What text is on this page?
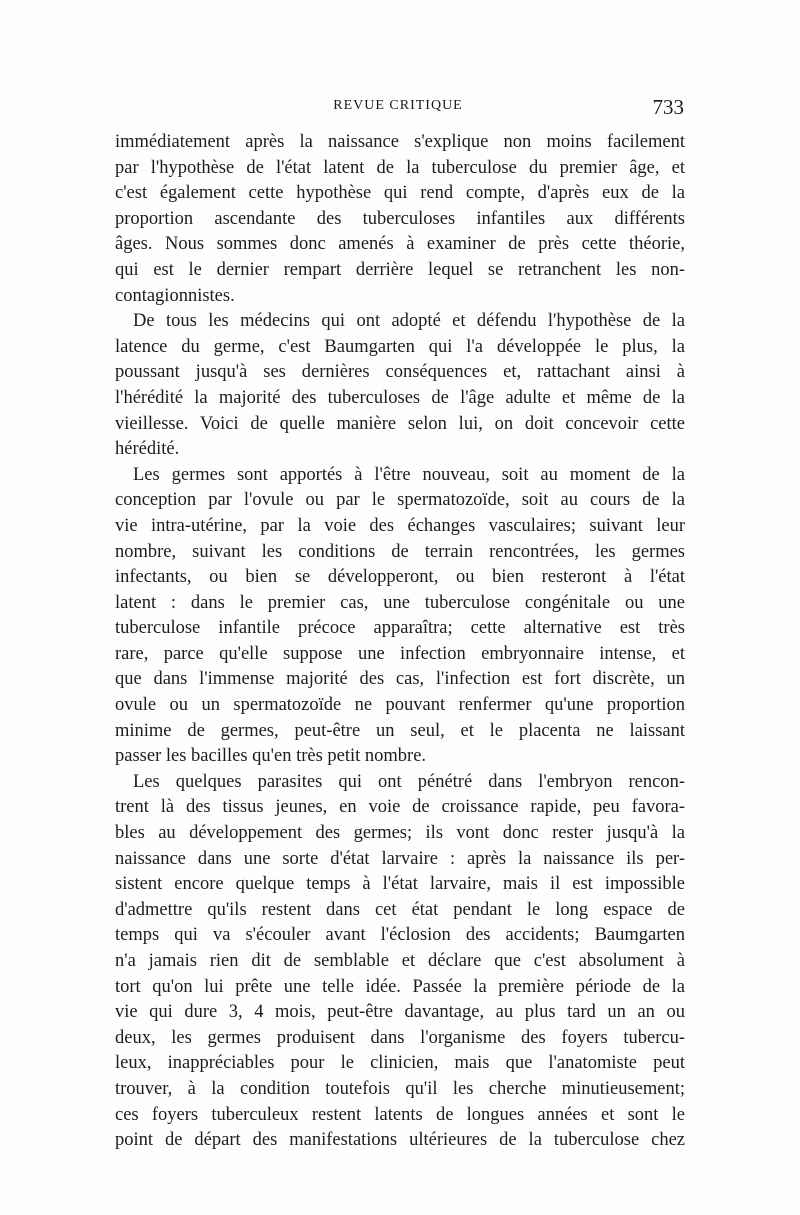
REVUE CRITIQUE	733
immédiatement après la naissance s'explique non moins facilement
par l'hypothèse de l'état latent de la tuberculose du premier âge, et
c'est également cette hypothèse qui rend compte, d'après eux de la
proportion ascendante des tuberculoses infantiles aux différents
âges. Nous sommes donc amenés à examiner de près cette théorie,
qui est le dernier rempart derrière lequel se retranchent les non-
contagionnistes.
De tous les médecins qui ont adopté et défendu l'hypothèse de la
latence du germe, c'est Baumgarten qui l'a développée le plus, la
poussant jusqu'à ses dernières conséquences et, rattachant ainsi à
l'hérédité la majorité des tuberculoses de l'âge adulte et même de la
vieillesse. Voici de quelle manière selon lui, on doit concevoir cette
hérédité.
Les germes sont apportés à l'être nouveau, soit au moment de la
conception par l'ovule ou par le spermatozoïde, soit au cours de la
vie intra-utérine, par la voie des échanges vasculaires; suivant leur
nombre, suivant les conditions de terrain rencontrées, les germes
infectants, ou bien se développeront, ou bien resteront à l'état
latent : dans le premier cas, une tuberculose congénitale ou une
tuberculose infantile précoce apparaîtra; cette alternative est très
rare, parce qu'elle suppose une infection embryonnaire intense, et
que dans l'immense majorité des cas, l'infection est fort discrète, un
ovule ou un spermatozoïde ne pouvant renfermer qu'une proportion
minime de germes, peut-être un seul, et le placenta ne laissant
passer les bacilles qu'en très petit nombre.
Les quelques parasites qui ont pénétré dans l'embryon rencon-
trent là des tissus jeunes, en voie de croissance rapide, peu favora-
bles au développement des germes; ils vont donc rester jusqu'à la
naissance dans une sorte d'état larvaire : après la naissance ils per-
sistent encore quelque temps à l'état larvaire, mais il est impossible
d'admettre qu'ils restent dans cet état pendant le long espace de
temps qui va s'écouler avant l'éclosion des accidents; Baumgarten
n'a jamais rien dit de semblable et déclare que c'est absolument à
tort qu'on lui prête une telle idée. Passée la première période de la
vie qui dure 3, 4 mois, peut-être davantage, au plus tard un an ou
deux, les germes produisent dans l'organisme des foyers tubercu-
leux, inappréciables pour le clinicien, mais que l'anatomiste peut
trouver, à la condition toutefois qu'il les cherche minutieusement;
ces foyers tuberculeux restent latents de longues années et sont le
point de départ des manifestations ultérieures de la tuberculose chez
